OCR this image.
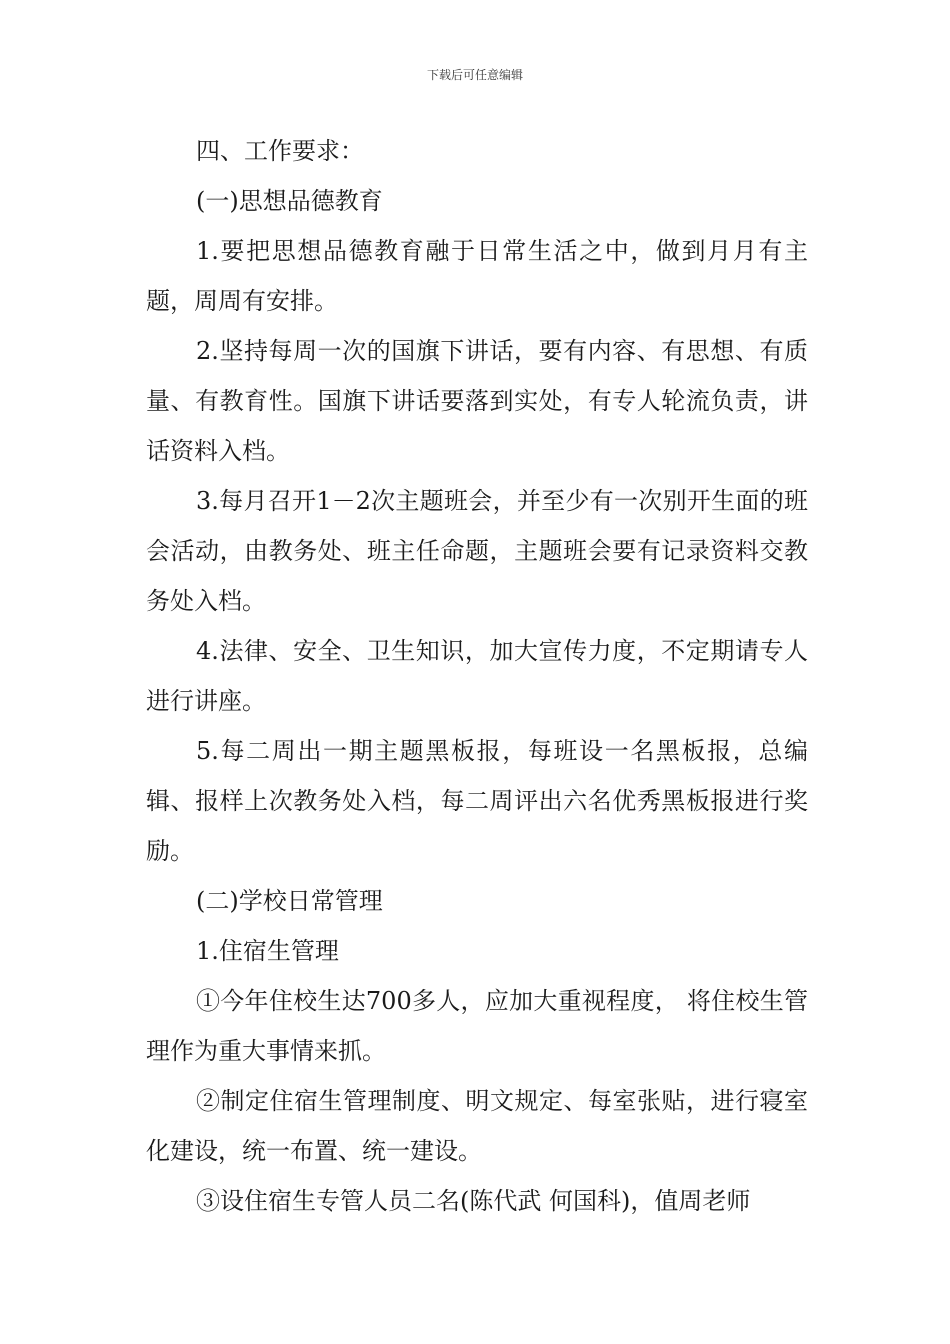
下载后可任意编辑

四、工作要求：

(一)思想品德教育

1.要把思想品德教育融于日常生活之中，做到月月有主题，周周有安排。

2.坚持每周一次的国旗下讲话，要有内容、有思想、有质量、有教育性。国旗下讲话要落到实处，有专人轮流负责，讲话资料入档。

3.每月召开1－2次主题班会，并至少有一次别开生面的班会活动，由教务处、班主任命题，主题班会要有记录资料交教务处入档。

4.法律、安全、卫生知识，加大宣传力度，不定期请专人进行讲座。

5.每二周出一期主题黑板报，每班设一名黑板报，总编辑、报样上次教务处入档，每二周评出六名优秀黑板报进行奖励。

(二)学校日常管理

1.住宿生管理

①今年住校生达700多人，应加大重视程度， 将住校生管理作为重大事情来抓。

②制定住宿生管理制度、明文规定、每室张贴，进行寝室化建设，统一布置、统一建设。

③设住宿生专管人员二名(陈代武 何国科)，值周老师
